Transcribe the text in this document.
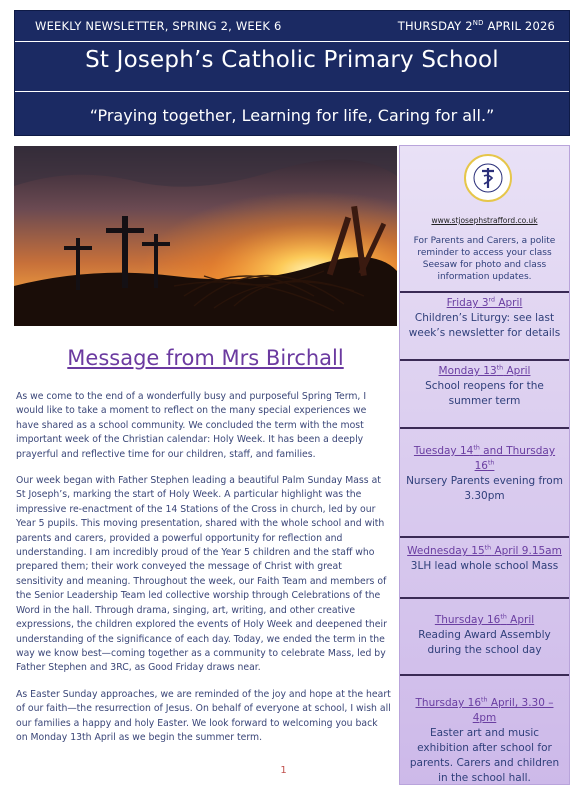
WEEKLY NEWSLETTER, SPRING 2, WEEK 6	THURSDAY 2ND APRIL 2026
St Joseph’s Catholic Primary School
“Praying together, Learning for life, Caring for all.”
www.stjosephstrafford.co.uk
For Parents and Carers, a polite reminder to access your class Seesaw for photo and class information updates.
Friday 3rd April
Children’s Liturgy: see last week’s newsletter for details
Monday 13th April
School reopens for the summer term
Tuesday 14th and Thursday 16th
Nursery Parents evening from 3.30pm
Wednesday 15th April 9.15am
3LH lead whole school Mass
Thursday 16th April
Reading Award Assembly during the school day
Thursday 16th April, 3.30 – 4pm
Easter art and music exhibition after school for parents. Carers and children in the school hall.
Message from Mrs Birchall

As we come to the end of a wonderfully busy and purposeful Spring Term, I would like to take a moment to reflect on the many special experiences we have shared as a school community. We concluded the term with the most important week of the Christian calendar: Holy Week. It has been a deeply prayerful and reflective time for our children, staff, and families.

Our week began with Father Stephen leading a beautiful Palm Sunday Mass at St Joseph’s, marking the start of Holy Week. A particular highlight was the impressive re-enactment of the 14 Stations of the Cross in church, led by our Year 5 pupils. This moving presentation, shared with the whole school and with parents and carers, provided a powerful opportunity for reflection and understanding. I am incredibly proud of the Year 5 children and the staff who prepared them; their work conveyed the message of Christ with great sensitivity and meaning. Throughout the week, our Faith Team and members of the Senior Leadership Team led collective worship through Celebrations of the Word in the hall. Through drama, singing, art, writing, and other creative expressions, the children explored the events of Holy Week and deepened their understanding of the significance of each day. Today, we ended the term in the way we know best—coming together as a community to celebrate Mass, led by Father Stephen and 3RC, as Good Friday draws near.

As Easter Sunday approaches, we are reminded of the joy and hope at the heart of our faith—the resurrection of Jesus. On behalf of everyone at school, I wish all our families a happy and holy Easter. We look forward to welcoming you back on Monday 13th April as we begin the summer term.

1
